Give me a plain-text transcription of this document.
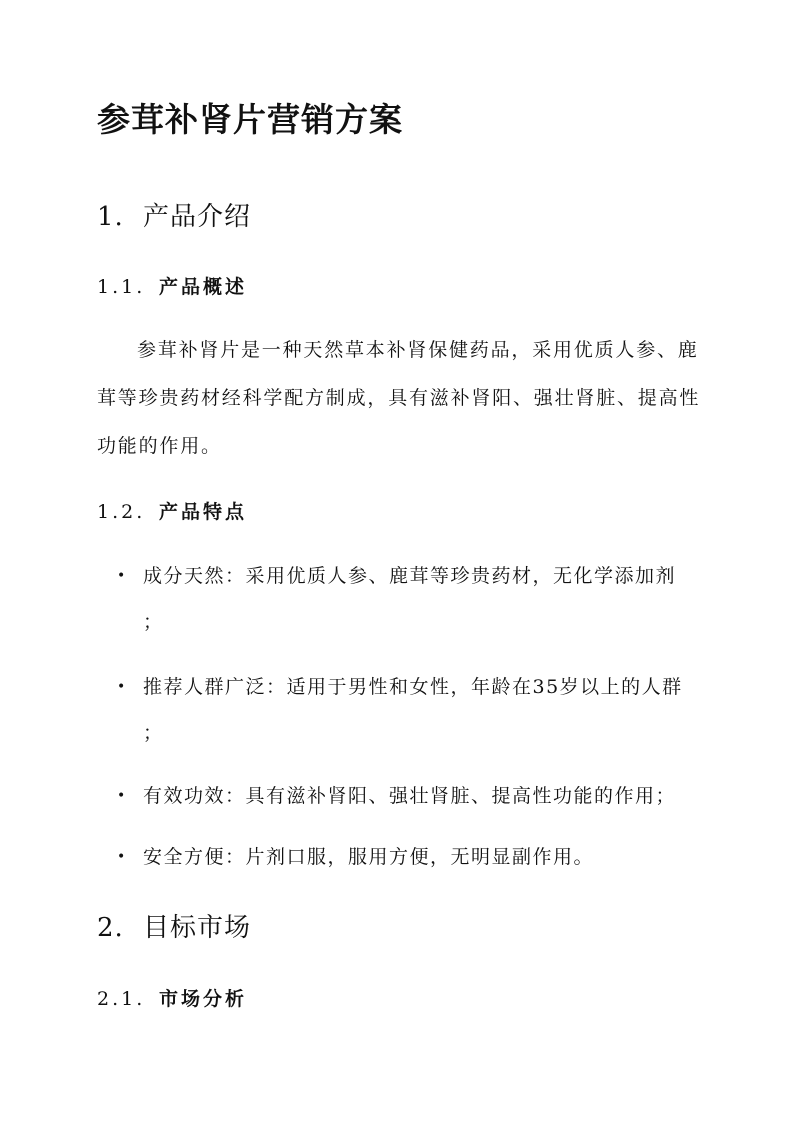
参茸补肾片营销方案
1. 产品介绍
1.1. 产品概述

参茸补肾片是一种天然草本补肾保健药品，采用优质人参、鹿
茸等珍贵药材经科学配方制成，具有滋补肾阳、强壮肾脏、提高性
功能的作用。

1.2. 产品特点
• 成分天然：采用优质人参、鹿茸等珍贵药材，无化学添加剂
；
• 推荐人群广泛：适用于男性和女性，年龄在35岁以上的人群
；
• 有效功效：具有滋补肾阳、强壮肾脏、提高性功能的作用；
• 安全方便：片剂口服，服用方便，无明显副作用。
2. 目标市场
2.1. 市场分析
